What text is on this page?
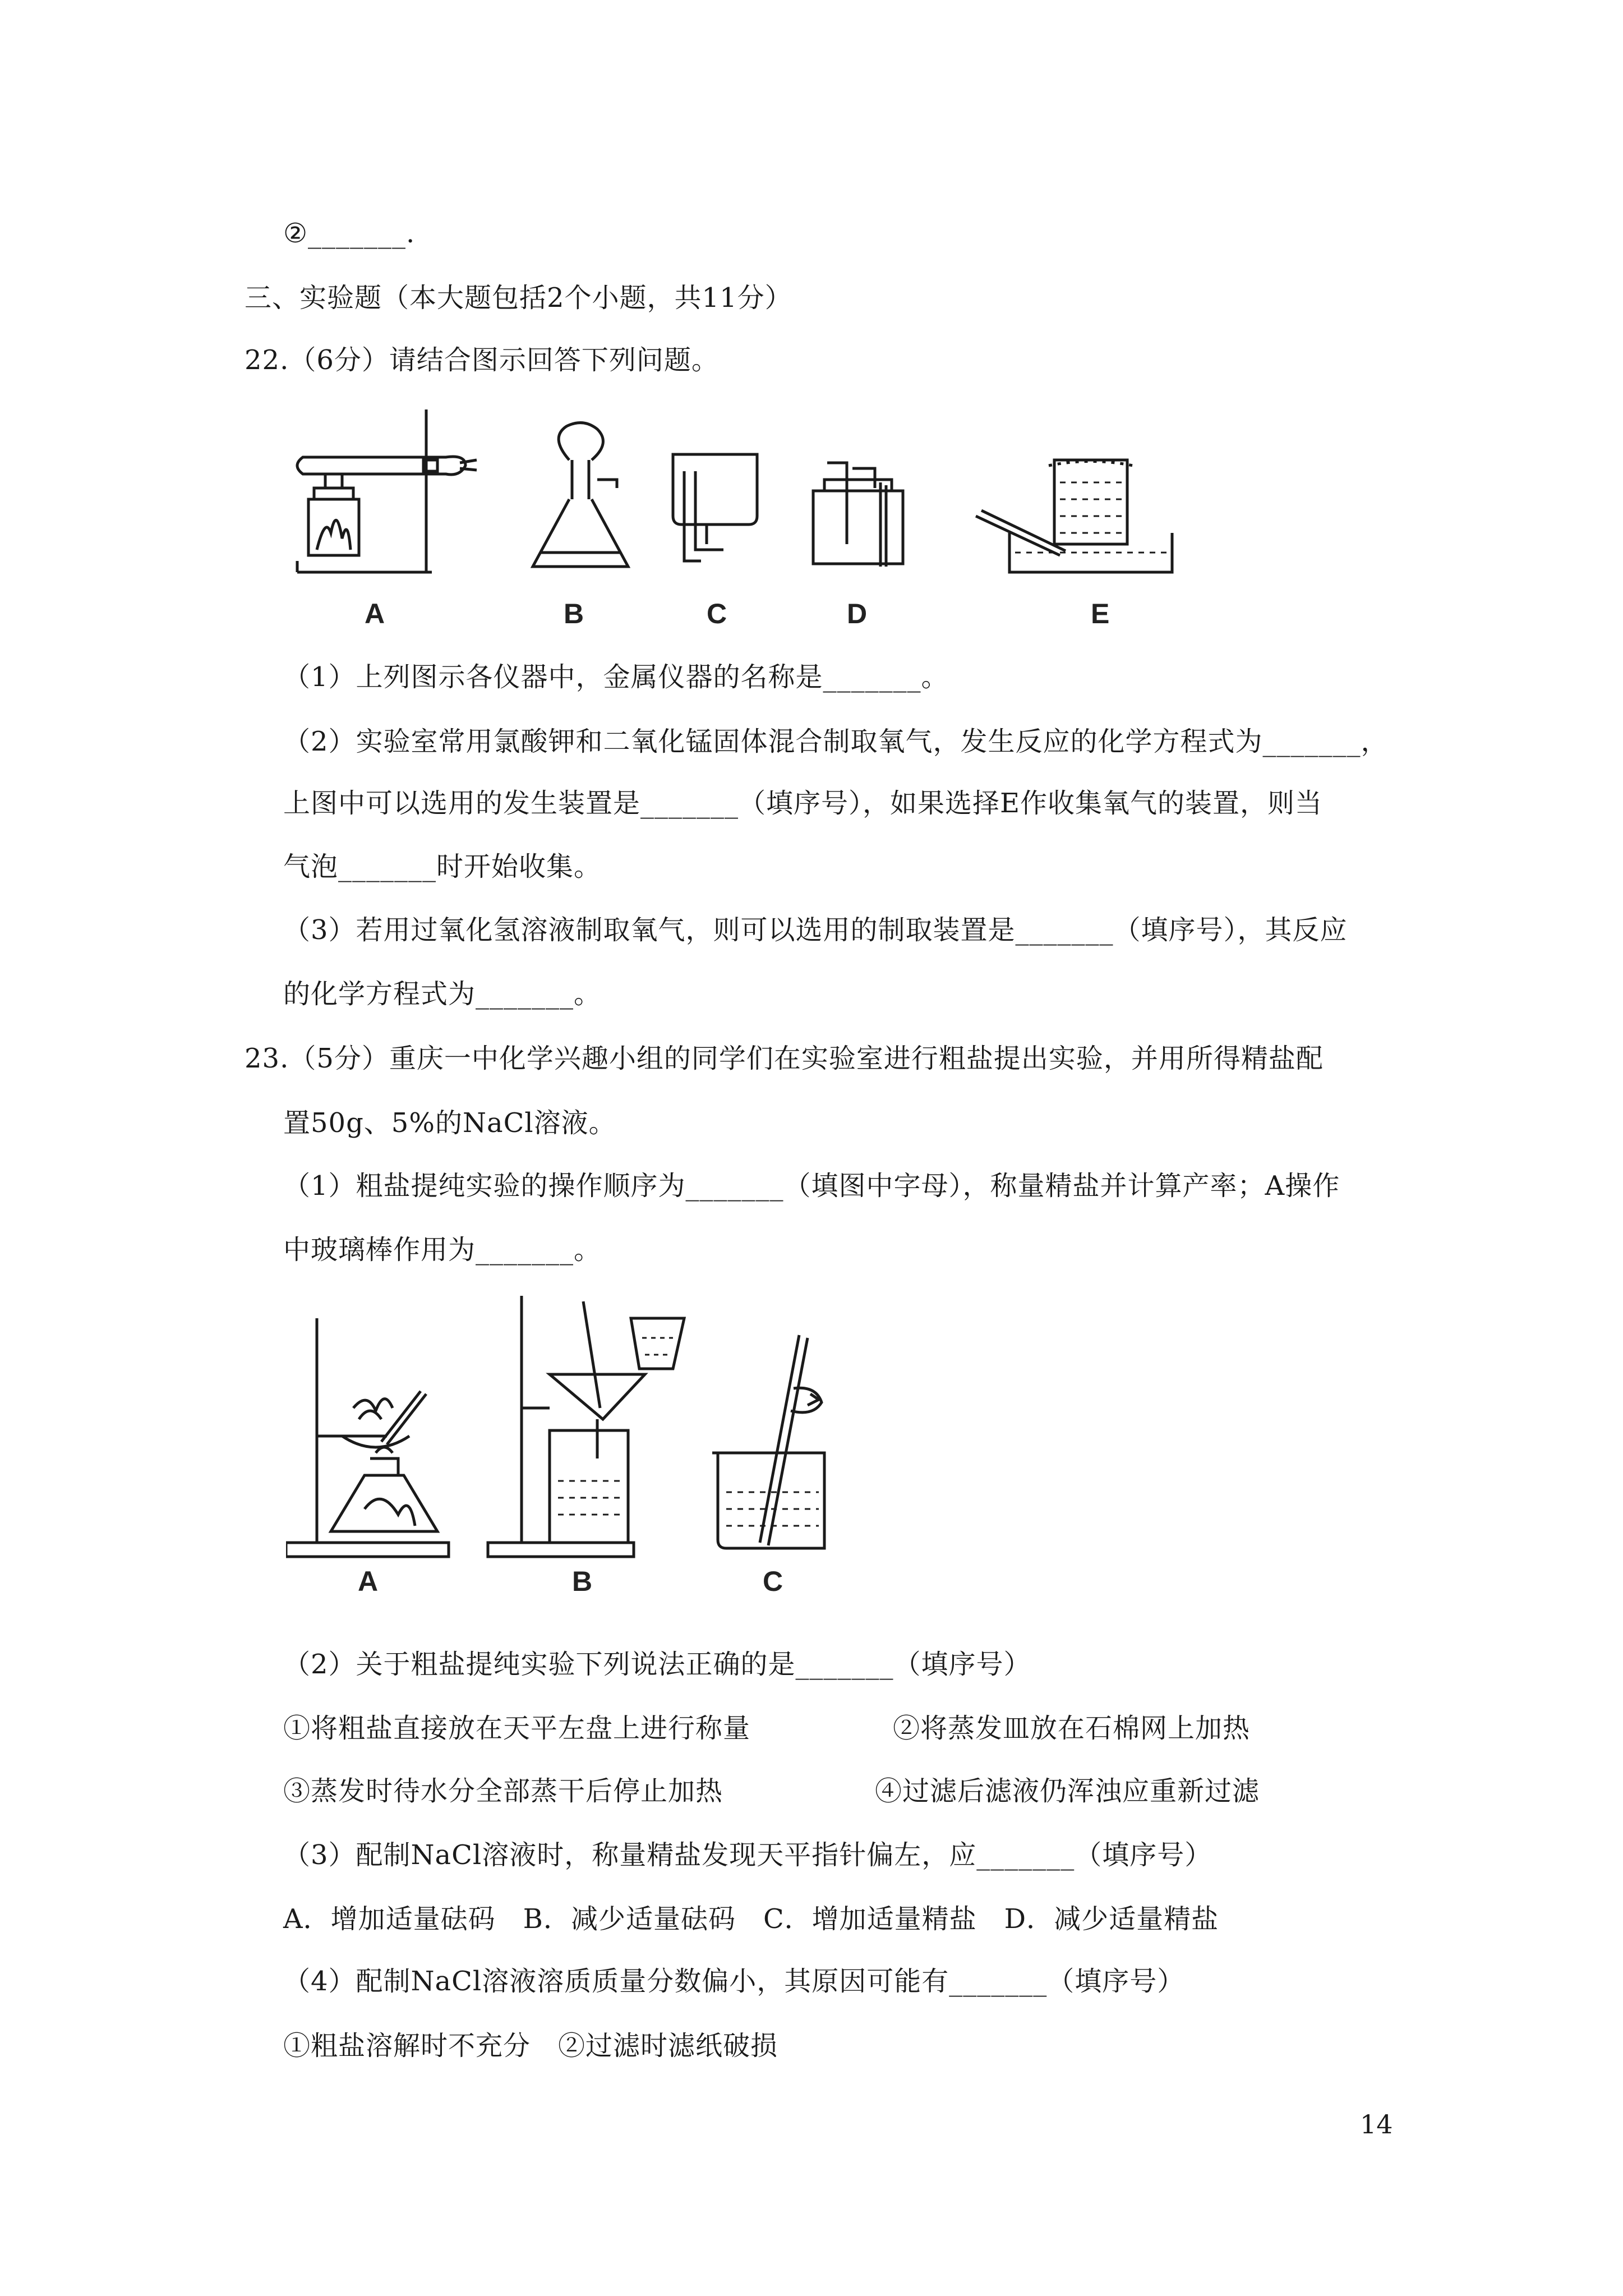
②_______.
三、实验题（本大题包括2个小题，共11分）
22.（6分）请结合图示回答下列问题。
A	B	C	D	E
（1）上列图示各仪器中，金属仪器的名称是_______。
（2）实验室常用氯酸钾和二氧化锰固体混合制取氧气，发生反应的化学方程式为_______，
上图中可以选用的发生装置是_______（填序号），如果选择E作收集氧气的装置，则当
气泡_______时开始收集。
（3）若用过氧化氢溶液制取氧气，则可以选用的制取装置是_______（填序号），其反应
的化学方程式为_______。
23.（5分）重庆一中化学兴趣小组的同学们在实验室进行粗盐提出实验，并用所得精盐配
置50g、5%的NaCl溶液。
（1）粗盐提纯实验的操作顺序为_______（填图中字母），称量精盐并计算产率；A操作
中玻璃棒作用为_______。
A	B	C
（2）关于粗盐提纯实验下列说法正确的是_______（填序号）
①将粗盐直接放在天平左盘上进行称量	②将蒸发皿放在石棉网上加热
③蒸发时待水分全部蒸干后停止加热	④过滤后滤液仍浑浊应重新过滤
（3）配制NaCl溶液时，称量精盐发现天平指针偏左，应_______（填序号）
A．增加适量砝码　B．减少适量砝码　C．增加适量精盐　D．减少适量精盐
（4）配制NaCl溶液溶质质量分数偏小，其原因可能有_______（填序号）
①粗盐溶解时不充分　②过滤时滤纸破损
14
